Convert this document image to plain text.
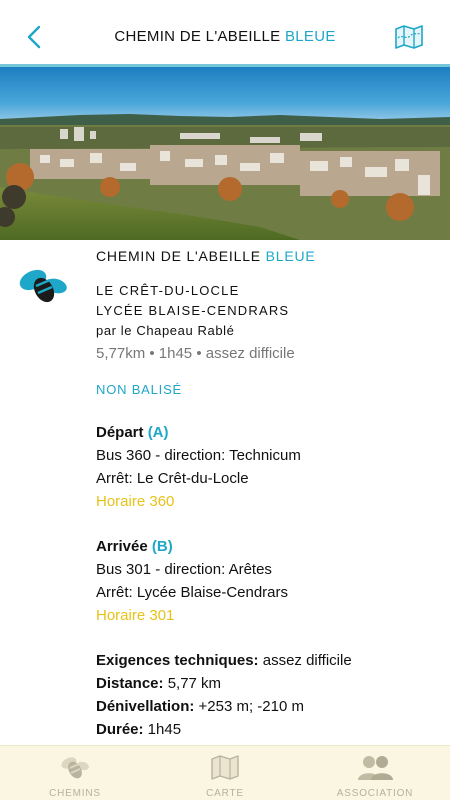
CHEMIN DE L'ABEILLE BLEUE
CHEMIN DE L'ABEILLE BLEUE
LE CRÊT-DU-LOCLE
LYCÉE BLAISE-CENDRARS
par le Chapeau Rablé
5,77km • 1h45 • assez difficile
NON BALISÉ
Départ (A)
Bus 360 - direction: Technicum
Arrêt: Le Crêt-du-Locle
Horaire 360
Arrivée (B)
Bus 301 - direction: Arêtes
Arrêt: Lycée Blaise-Cendrars
Horaire 301
Exigences techniques: assez difficile
Distance: 5,77 km
Dénivellation: +253 m; -210 m
Durée: 1h45
CHEMINS	CARTE	ASSOCIATION
